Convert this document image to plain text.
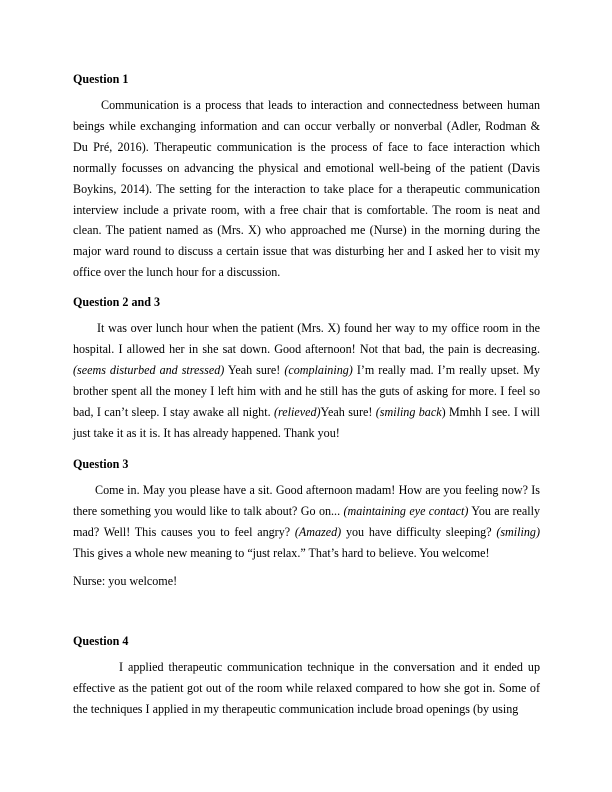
Question 1

Communication is a process that leads to interaction and connectedness between human beings while exchanging information and can occur verbally or nonverbal (Adler, Rodman & Du Pré, 2016). Therapeutic communication is the process of face to face interaction which normally focusses on advancing the physical and emotional well-being of the patient (Davis Boykins, 2014). The setting for the interaction to take place for a therapeutic communication interview include a private room, with a free chair that is comfortable. The room is neat and clean. The patient named as (Mrs. X) who approached me (Nurse) in the morning during the major ward round to discuss a certain issue that was disturbing her and I asked her to visit my office over the lunch hour for a discussion.

Question 2 and 3

It was over lunch hour when the patient (Mrs. X) found her way to my office room in the hospital. I allowed her in she sat down. Good afternoon! Not that bad, the pain is decreasing. (seems disturbed and stressed) Yeah sure! (complaining) I’m really mad. I’m really upset. My brother spent all the money I left him with and he still has the guts of asking for more. I feel so bad, I can’t sleep. I stay awake all night. (relieved)Yeah sure! (smiling back) Mmhh I see. I will just take it as it is. It has already happened. Thank you!

Question 3

Come in. May you please have a sit. Good afternoon madam! How are you feeling now? Is there something you would like to talk about? Go on... (maintaining eye contact) You are really mad? Well! This causes you to feel angry? (Amazed) you have difficulty sleeping? (smiling) This gives a whole new meaning to “just relax.” That’s hard to believe. You welcome!

Nurse: you welcome!

Question 4

I applied therapeutic communication technique in the conversation and it ended up effective as the patient got out of the room while relaxed compared to how she got in. Some of the techniques I applied in my therapeutic communication include broad openings (by using
